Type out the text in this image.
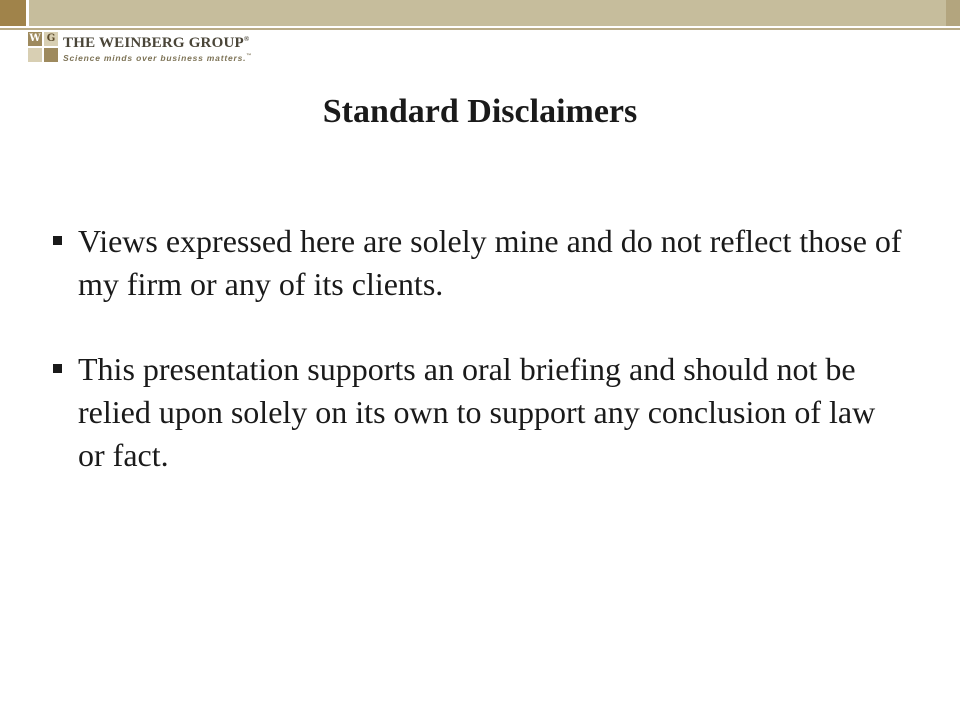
W G THE WEINBERG GROUP®
Science minds over business matters.™
Standard Disclaimers
Views expressed here are solely mine and do not reflect those of my firm or any of its clients.
This presentation supports an oral briefing and should not be relied upon solely on its own to support any conclusion of law or fact.
